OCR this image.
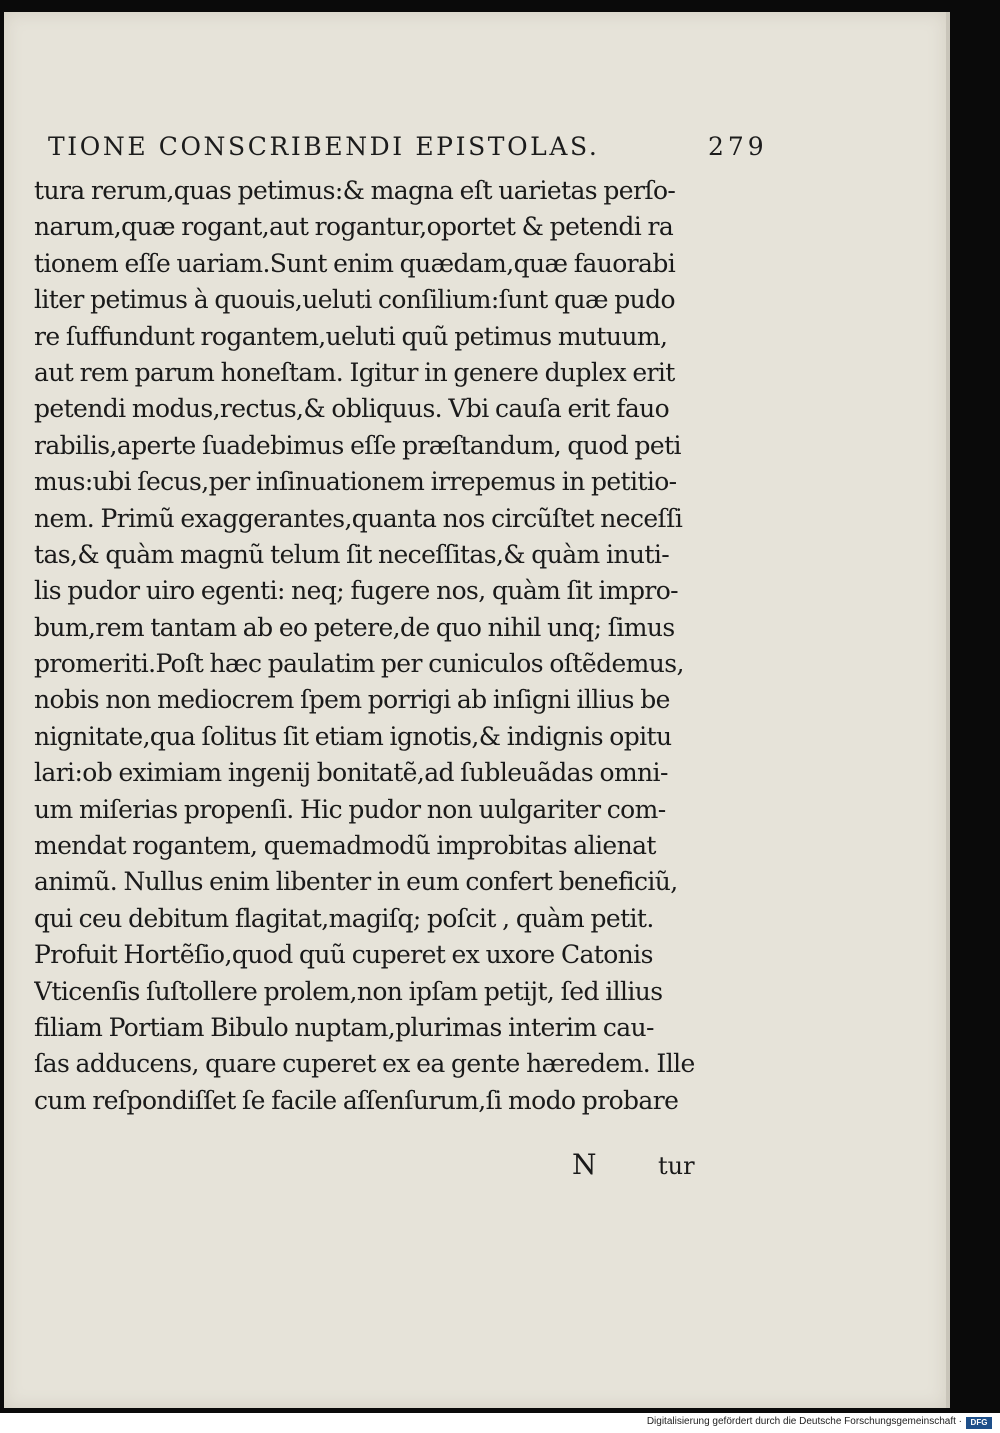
TIONE CONSCRIBENDI EPISTOLAS.	279
tura rerum,quas petimus:& magna eſt uarietas perſo-
narum,quæ rogant,aut rogantur,oportet & petendi ra
tionem eſſe uariam.Sunt enim quædam,quæ fauorabi
liter petimus à quouis,ueluti conſilium:ſunt quæ pudo
re ſuffundunt rogantem,ueluti quũ petimus mutuum,
aut rem parum honeſtam. Igitur in genere duplex erit
petendi modus,rectus,& obliquus. Vbi cauſa erit fauo
rabilis,aperte ſuadebimus eſſe præſtandum, quod peti
mus:ubi ſecus,per inſinuationem irrepemus in petitio-
nem. Primũ exaggerantes,quanta nos circũſtet neceſſi
tas,& quàm magnũ telum ſit neceſſitas,& quàm inuti-
lis pudor uiro egenti: neq; fugere nos, quàm ſit impro-
bum,rem tantam ab eo petere,de quo nihil unq; ſimus
promeriti.Poſt hæc paulatim per cuniculos oſtẽdemus,
nobis non mediocrem ſpem porrigi ab inſigni illius be
nignitate,qua ſolitus ſit etiam ignotis,& indignis opitu
lari:ob eximiam ingenij bonitatẽ,ad ſubleuãdas omni-
um miſerias propenſi. Hic pudor non uulgariter com-
mendat rogantem, quemadmodũ improbitas alienat
animũ. Nullus enim libenter in eum confert beneficiũ,
qui ceu debitum flagitat,magiſq; poſcit , quàm petit.
Profuit Hortẽſio,quod quũ cuperet ex uxore Catonis
Vticenſis ſuſtollere prolem,non ipſam petijt, ſed illius
filiam Portiam Bibulo nuptam,plurimas interim cau-
ſas adducens, quare cuperet ex ea gente hæredem. Ille
cum reſpondiſſet ſe facile aſſenſurum,ſi modo probare
N	tur
Digitalisierung gefördert durch die Deutsche Forschungsgemeinschaft ·	DFG
